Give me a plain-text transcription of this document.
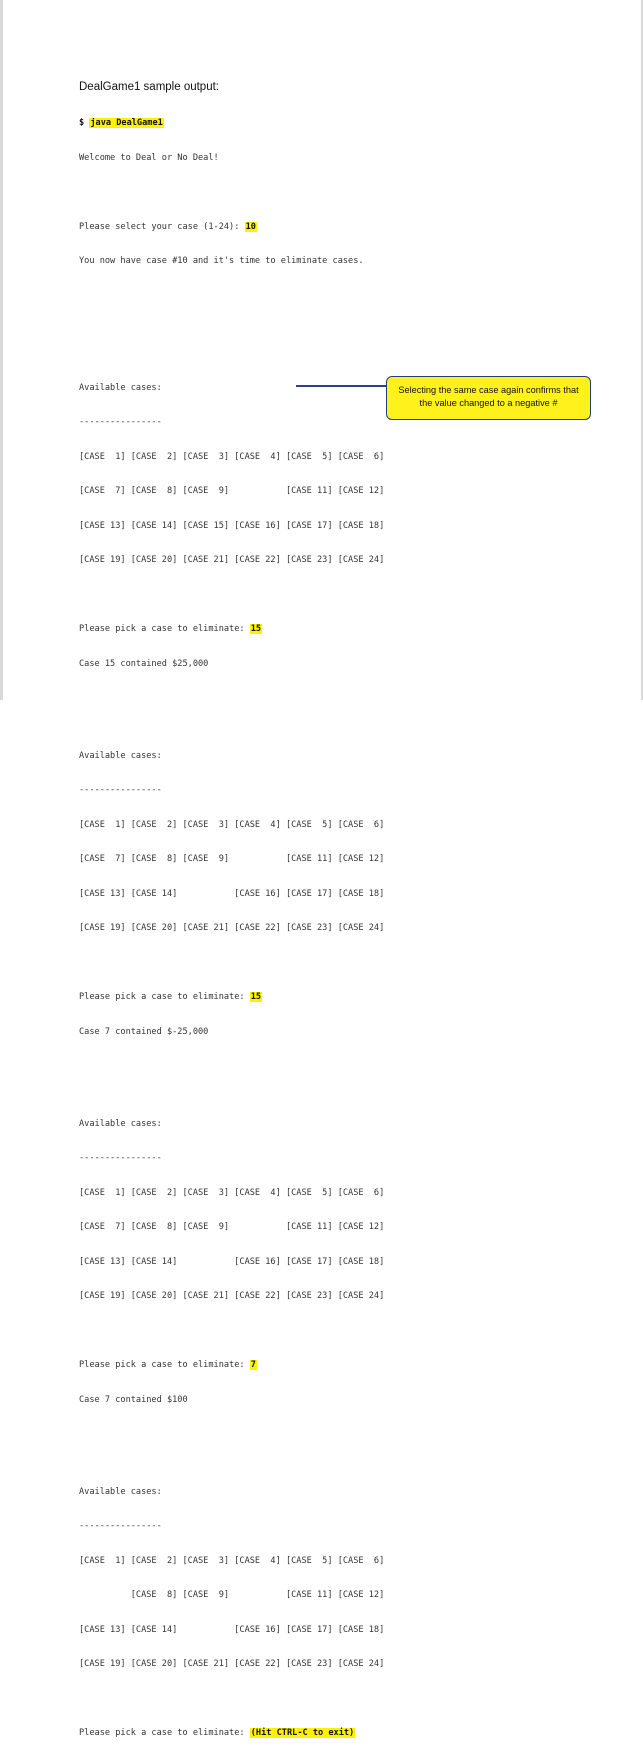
DealGame1 sample output:

$ java DealGame1

Welcome to Deal or No Deal!

Please select your case (1-24): 10

You now have case #10 and it's time to eliminate cases.

Available cases:

----------------

[CASE  1] [CASE  2] [CASE  3] [CASE  4] [CASE  5] [CASE  6]

[CASE  7] [CASE  8] [CASE  9]           [CASE 11] [CASE 12]

[CASE 13] [CASE 14] [CASE 15] [CASE 16] [CASE 17] [CASE 18]

[CASE 19] [CASE 20] [CASE 21] [CASE 22] [CASE 23] [CASE 24]

Please pick a case to eliminate: 15

Case 15 contained $25,000

Available cases:

----------------

[CASE  1] [CASE  2] [CASE  3] [CASE  4] [CASE  5] [CASE  6]

[CASE  7] [CASE  8] [CASE  9]           [CASE 11] [CASE 12]

[CASE 13] [CASE 14]           [CASE 16] [CASE 17] [CASE 18]

[CASE 19] [CASE 20] [CASE 21] [CASE 22] [CASE 23] [CASE 24]

Please pick a case to eliminate: 15

Case 7 contained $-25,000

Available cases:

----------------

[CASE  1] [CASE  2] [CASE  3] [CASE  4] [CASE  5] [CASE  6]

[CASE  7] [CASE  8] [CASE  9]           [CASE 11] [CASE 12]

[CASE 13] [CASE 14]           [CASE 16] [CASE 17] [CASE 18]

[CASE 19] [CASE 20] [CASE 21] [CASE 22] [CASE 23] [CASE 24]

Please pick a case to eliminate: 7

Case 7 contained $100

Available cases:

----------------

[CASE  1] [CASE  2] [CASE  3] [CASE  4] [CASE  5] [CASE  6]

[CASE  8] [CASE  9]           [CASE 11] [CASE 12]

[CASE 13] [CASE 14]           [CASE 16] [CASE 17] [CASE 18]

[CASE 19] [CASE 20] [CASE 21] [CASE 22] [CASE 23] [CASE 24]

Please pick a case to eliminate: (Hit CTRL-C to exit)

Selecting the same case again confirms that the value changed to a negative #
